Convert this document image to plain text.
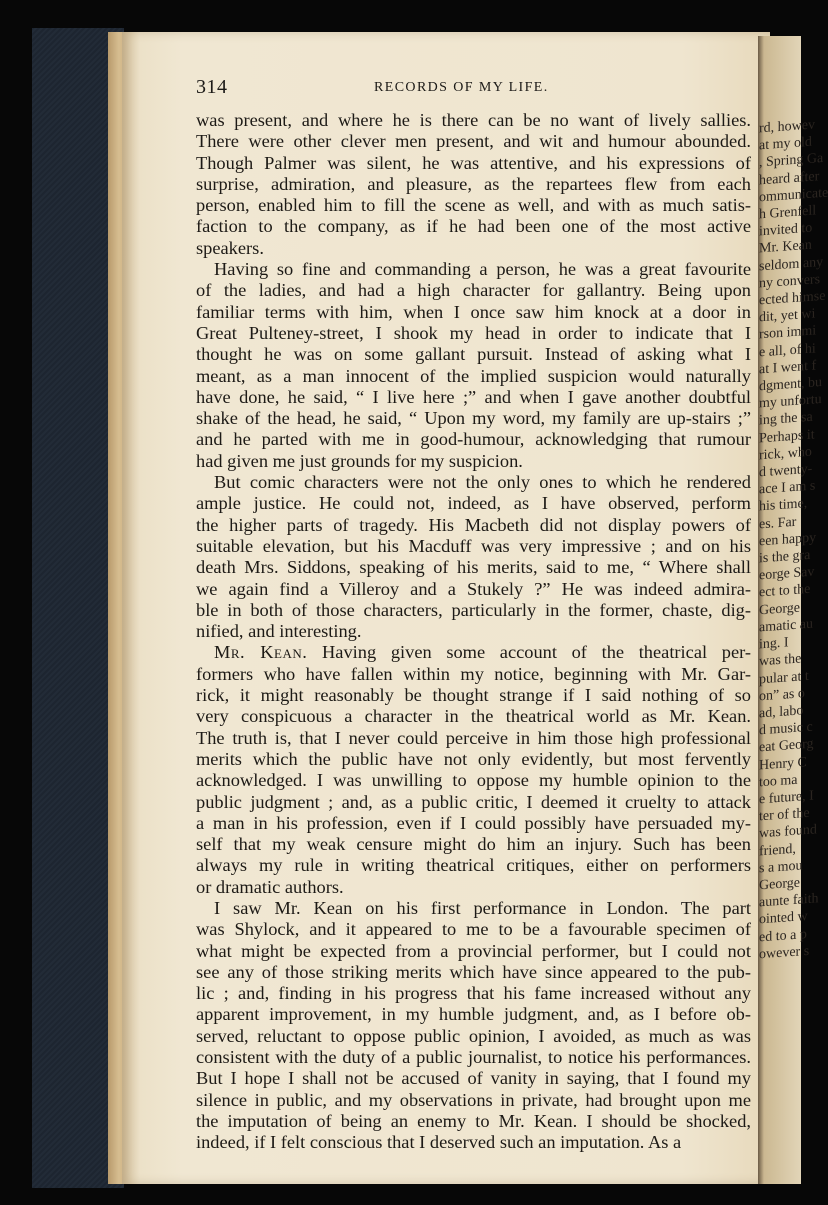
rd, howev
at my old
, Spring Ga
heard after
ommunicate
h Grenfell
invited to
Mr. Kean
seldom any
ny convers
ected himse
dit, yet wi
rson immi
e all, of hi
at I went f
dgment, bu
my unfortu
ing the sa
Perhaps it
rick, who
d twenty-
ace I am s
his time,
es. Far
een happy
is the gra
eorge Sav
ect to the
George
amatic au
ing. I
was the
pular at t
on” as o
ad, labo
d music c
eat Georg
Henry C
too ma
e future, I
ter of the
was found
friend,
s a mou
George
aunte faith
ointed w
ed to a p
owever s
314	RECORDS OF MY LIFE.
was present, and where he is there can be no want of lively sallies.
There were other clever men present, and wit and humour abounded.
Though Palmer was silent, he was attentive, and his expressions of
surprise, admiration, and pleasure, as the repartees flew from each
person, enabled him to fill the scene as well, and with as much satis-
faction to the company, as if he had been one of the most active
speakers.
Having so fine and commanding a person, he was a great favourite
of the ladies, and had a high character for gallantry. Being upon
familiar terms with him, when I once saw him knock at a door in
Great Pulteney-street, I shook my head in order to indicate that I
thought he was on some gallant pursuit. Instead of asking what I
meant, as a man innocent of the implied suspicion would naturally
have done, he said, “ I live here ;” and when I gave another doubtful
shake of the head, he said, “ Upon my word, my family are up-stairs ;”
and he parted with me in good-humour, acknowledging that rumour
had given me just grounds for my suspicion.
But comic characters were not the only ones to which he rendered
ample justice. He could not, indeed, as I have observed, perform
the higher parts of tragedy. His Macbeth did not display powers of
suitable elevation, but his Macduff was very impressive ; and on his
death Mrs. Siddons, speaking of his merits, said to me, “ Where shall
we again find a Villeroy and a Stukely ?” He was indeed admira-
ble in both of those characters, particularly in the former, chaste, dig-
nified, and interesting.
Mr. Kean. Having given some account of the theatrical per-
formers who have fallen within my notice, beginning with Mr. Gar-
rick, it might reasonably be thought strange if I said nothing of so
very conspicuous a character in the theatrical world as Mr. Kean.
The truth is, that I never could perceive in him those high professional
merits which the public have not only evidently, but most fervently
acknowledged. I was unwilling to oppose my humble opinion to the
public judgment ; and, as a public critic, I deemed it cruelty to attack
a man in his profession, even if I could possibly have persuaded my-
self that my weak censure might do him an injury. Such has been
always my rule in writing theatrical critiques, either on performers
or dramatic authors.
I saw Mr. Kean on his first performance in London. The part
was Shylock, and it appeared to me to be a favourable specimen of
what might be expected from a provincial performer, but I could not
see any of those striking merits which have since appeared to the pub-
lic ; and, finding in his progress that his fame increased without any
apparent improvement, in my humble judgment, and, as I before ob-
served, reluctant to oppose public opinion, I avoided, as much as was
consistent with the duty of a public journalist, to notice his performances.
But I hope I shall not be accused of vanity in saying, that I found my
silence in public, and my observations in private, had brought upon me
the imputation of being an enemy to Mr. Kean. I should be shocked,
indeed, if I felt conscious that I deserved such an imputation. As a
